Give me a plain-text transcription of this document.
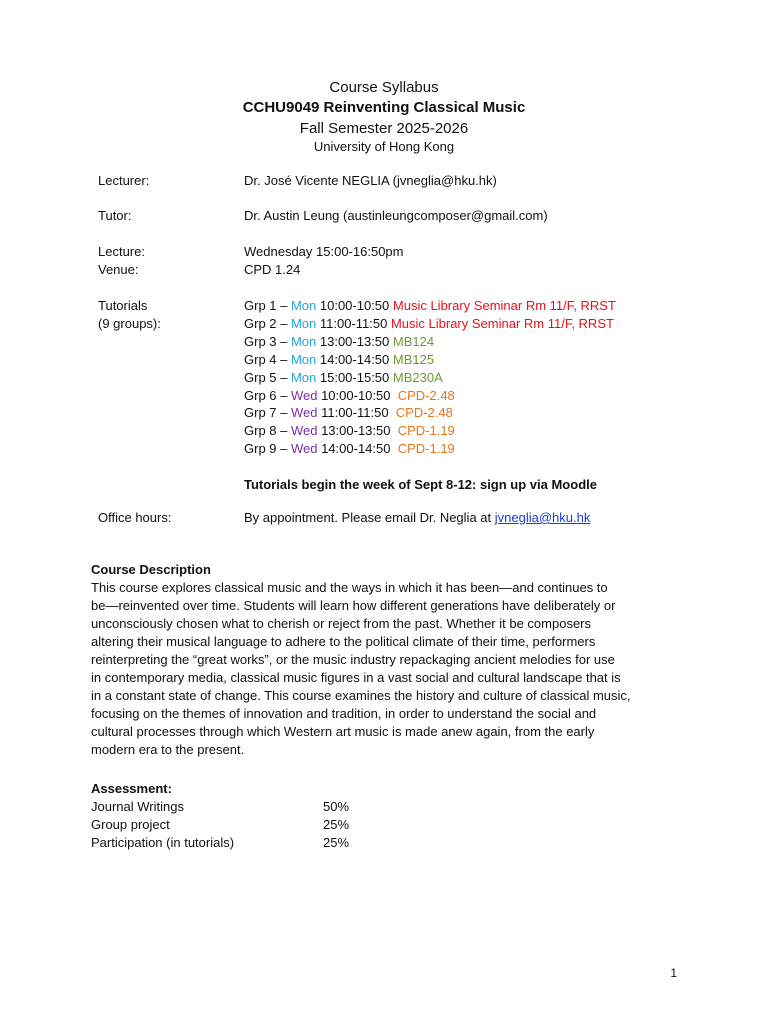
Course Syllabus
CCHU9049 Reinventing Classical Music
Fall Semester 2025-2026
University of Hong Kong
Lecturer:	Dr. José Vicente NEGLIA (jvneglia@hku.hk)
Tutor:	Dr. Austin Leung (austinleungcomposer@gmail.com)
Lecture:	Wednesday 15:00-16:50pm
Venue:	CPD 1.24
Tutorials
(9 groups):
Grp 1 – Mon 10:00-10:50 Music Library Seminar Rm 11/F, RRST
Grp 2 – Mon 11:00-11:50 Music Library Seminar Rm 11/F, RRST
Grp 3 – Mon 13:00-13:50 MB124
Grp 4 – Mon 14:00-14:50 MB125
Grp 5 – Mon 15:00-15:50 MB230A
Grp 6 – Wed 10:00-10:50  CPD-2.48
Grp 7 – Wed 11:00-11:50  CPD-2.48
Grp 8 – Wed 13:00-13:50  CPD-1.19
Grp 9 – Wed 14:00-14:50  CPD-1.19
Tutorials begin the week of Sept 8-12: sign up via Moodle
Office hours:	By appointment. Please email Dr. Neglia at jvneglia@hku.hk
Course Description
This course explores classical music and the ways in which it has been—and continues to
be—reinvented over time. Students will learn how different generations have deliberately or
unconsciously chosen what to cherish or reject from the past. Whether it be composers
altering their musical language to adhere to the political climate of their time, performers
reinterpreting the “great works”, or the music industry repackaging ancient melodies for use
in contemporary media, classical music figures in a vast social and cultural landscape that is
in a constant state of change. This course examines the history and culture of classical music,
focusing on the themes of innovation and tradition, in order to understand the social and
cultural processes through which Western art music is made anew again, from the early
modern era to the present.
Assessment:
Journal Writings	50%
Group project	25%
Participation (in tutorials)	25%
1
